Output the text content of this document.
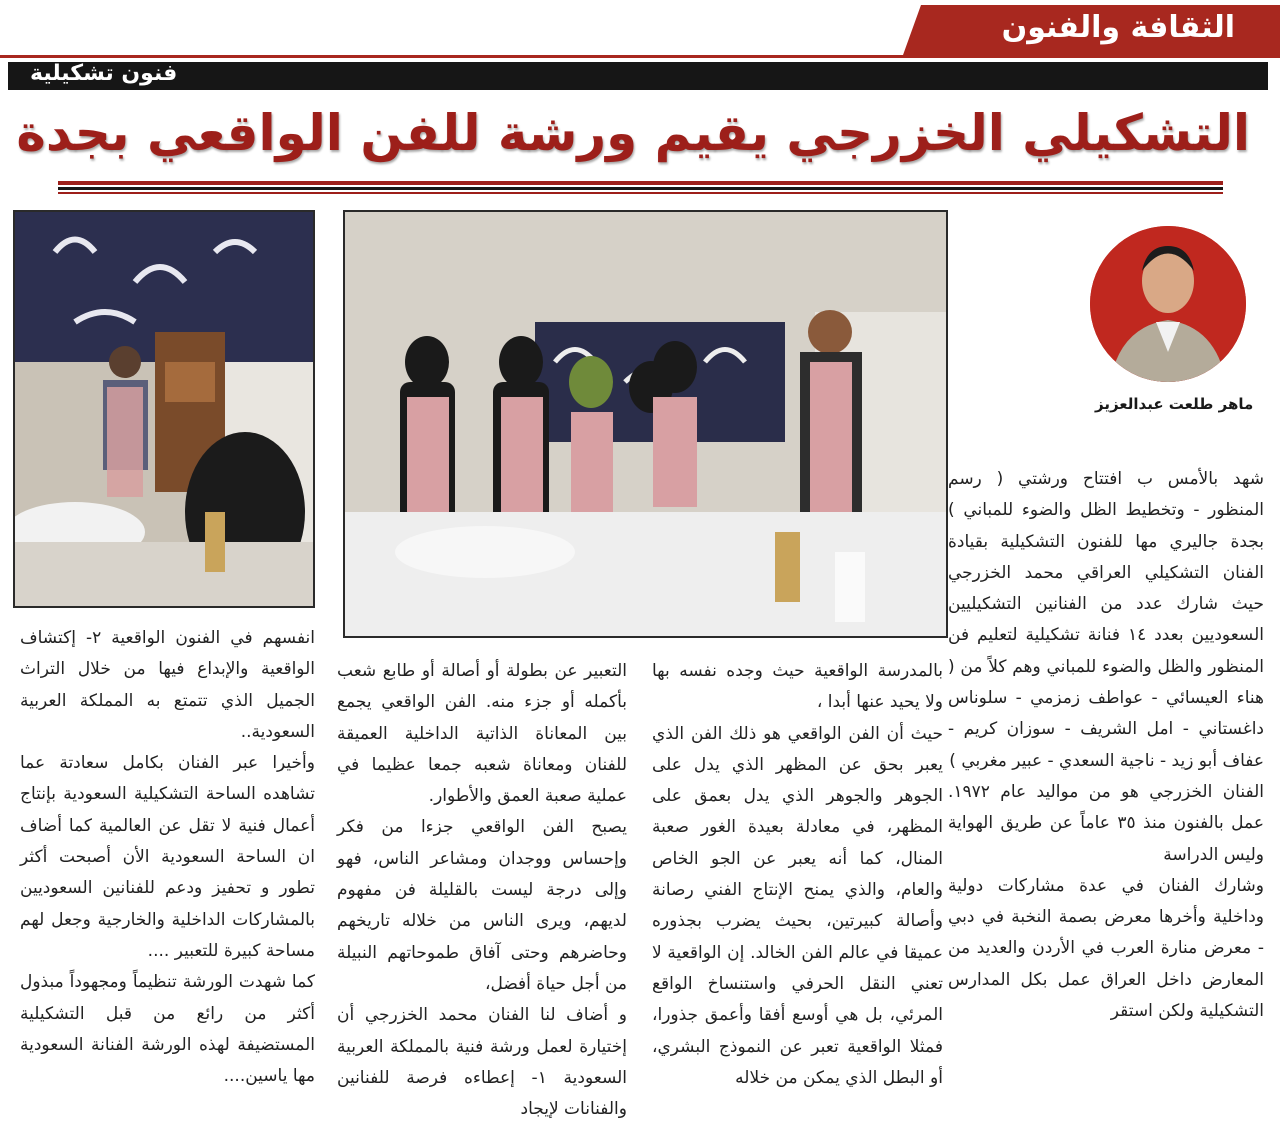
الثقافة والفنون
فنون تشكيلية
التشكيلي الخزرجي يقيم ورشة للفن الواقعي بجدة
ماهر طلعت عبدالعزيز

شهد بالأمس ب افتتاح ورشتي ( رسم المنظور - وتخطيط الظل والضوء للمباني ) بجدة جاليري مها للفنون التشكيلية بقيادة الفنان التشكيلي العراقي محمد الخزرجي حيث شارك عدد من الفنانين التشكيليين السعوديين بعدد ١٤ فنانة تشكيلية لتعليم فن المنظور والظل والضوء للمباني وهم كلاً من ( هناء العيسائي - عواطف زمزمي - سلوناس داغستاني - امل الشريف - سوزان كريم - عفاف أبو زيد - ناجية السعدي - عبير مغربي )

الفنان الخزرجي هو من مواليد عام ١٩٧٢. عمل بالفنون منذ ٣٥ عاماً عن طريق الهواية وليس الدراسة

وشارك الفنان في عدة مشاركات دولية وداخلية وأخرها معرض بصمة النخبة في دبي - معرض منارة العرب في الأردن والعديد من المعارض داخل العراق عمل بكل المدارس التشكيلية ولكن استقر

بالمدرسة الواقعية حيث وجده نفسه بها ولا يحيد عنها أبدا ،

حيث أن الفن الواقعي هو ذلك الفن الذي يعبر بحق عن المظهر الذي يدل على الجوهر والجوهر الذي يدل بعمق على المظهر، في معادلة بعيدة الغور صعبة المنال، كما أنه يعبر عن الجو الخاص والعام، والذي يمنح الإنتاج الفني رصانة وأصالة كبيرتين، بحيث يضرب بجذوره عميقا في عالم الفن الخالد. إن الواقعية لا تعني النقل الحرفي واستنساخ الواقع المرئي، بل هي أوسع أفقا وأعمق جذورا، فمثلا الواقعية تعبر عن النموذج البشري، أو البطل الذي يمكن من خلاله

التعبير عن بطولة أو أصالة أو طابع شعب بأكمله أو جزء منه. الفن الواقعي يجمع بين المعاناة الذاتية الداخلية العميقة للفنان ومعاناة شعبه جمعا عظيما في عملية صعبة العمق والأطوار.

يصبح الفن الواقعي جزءا من فكر وإحساس ووجدان ومشاعر الناس، فهو وإلى درجة ليست بالقليلة فن مفهوم لديهم، ويرى الناس من خلاله تاريخهم وحاضرهم وحتى آفاق طموحاتهم النبيلة من أجل حياة أفضل،

و أضاف لنا الفنان محمد الخزرجي أن إختيارة لعمل ورشة فنية بالمملكة العربية السعودية ١- إعطاءه فرصة للفنانين والفنانات لإيجاد

انفسهم في الفنون الواقعية ٢- إكتشاف الواقعية والإبداع فيها من خلال التراث الجميل الذي تتمتع به المملكة العربية السعودية..

وأخيرا عبر الفنان بكامل سعادتة عما تشاهده الساحة التشكيلية السعودية بإنتاج أعمال فنية لا تقل عن العالمية كما أضاف ان الساحة السعودية الأن أصبحت أكثر تطور و تحفيز ودعم للفنانين السعوديين بالمشاركات الداخلية والخارجية وجعل لهم مساحة كبيرة للتعبير ....

كما شهدت الورشة تنظيماً ومجهوداً مبذول أكثر من رائع من قبل التشكيلية المستضيفة لهذه الورشة الفنانة السعودية مها ياسين....
